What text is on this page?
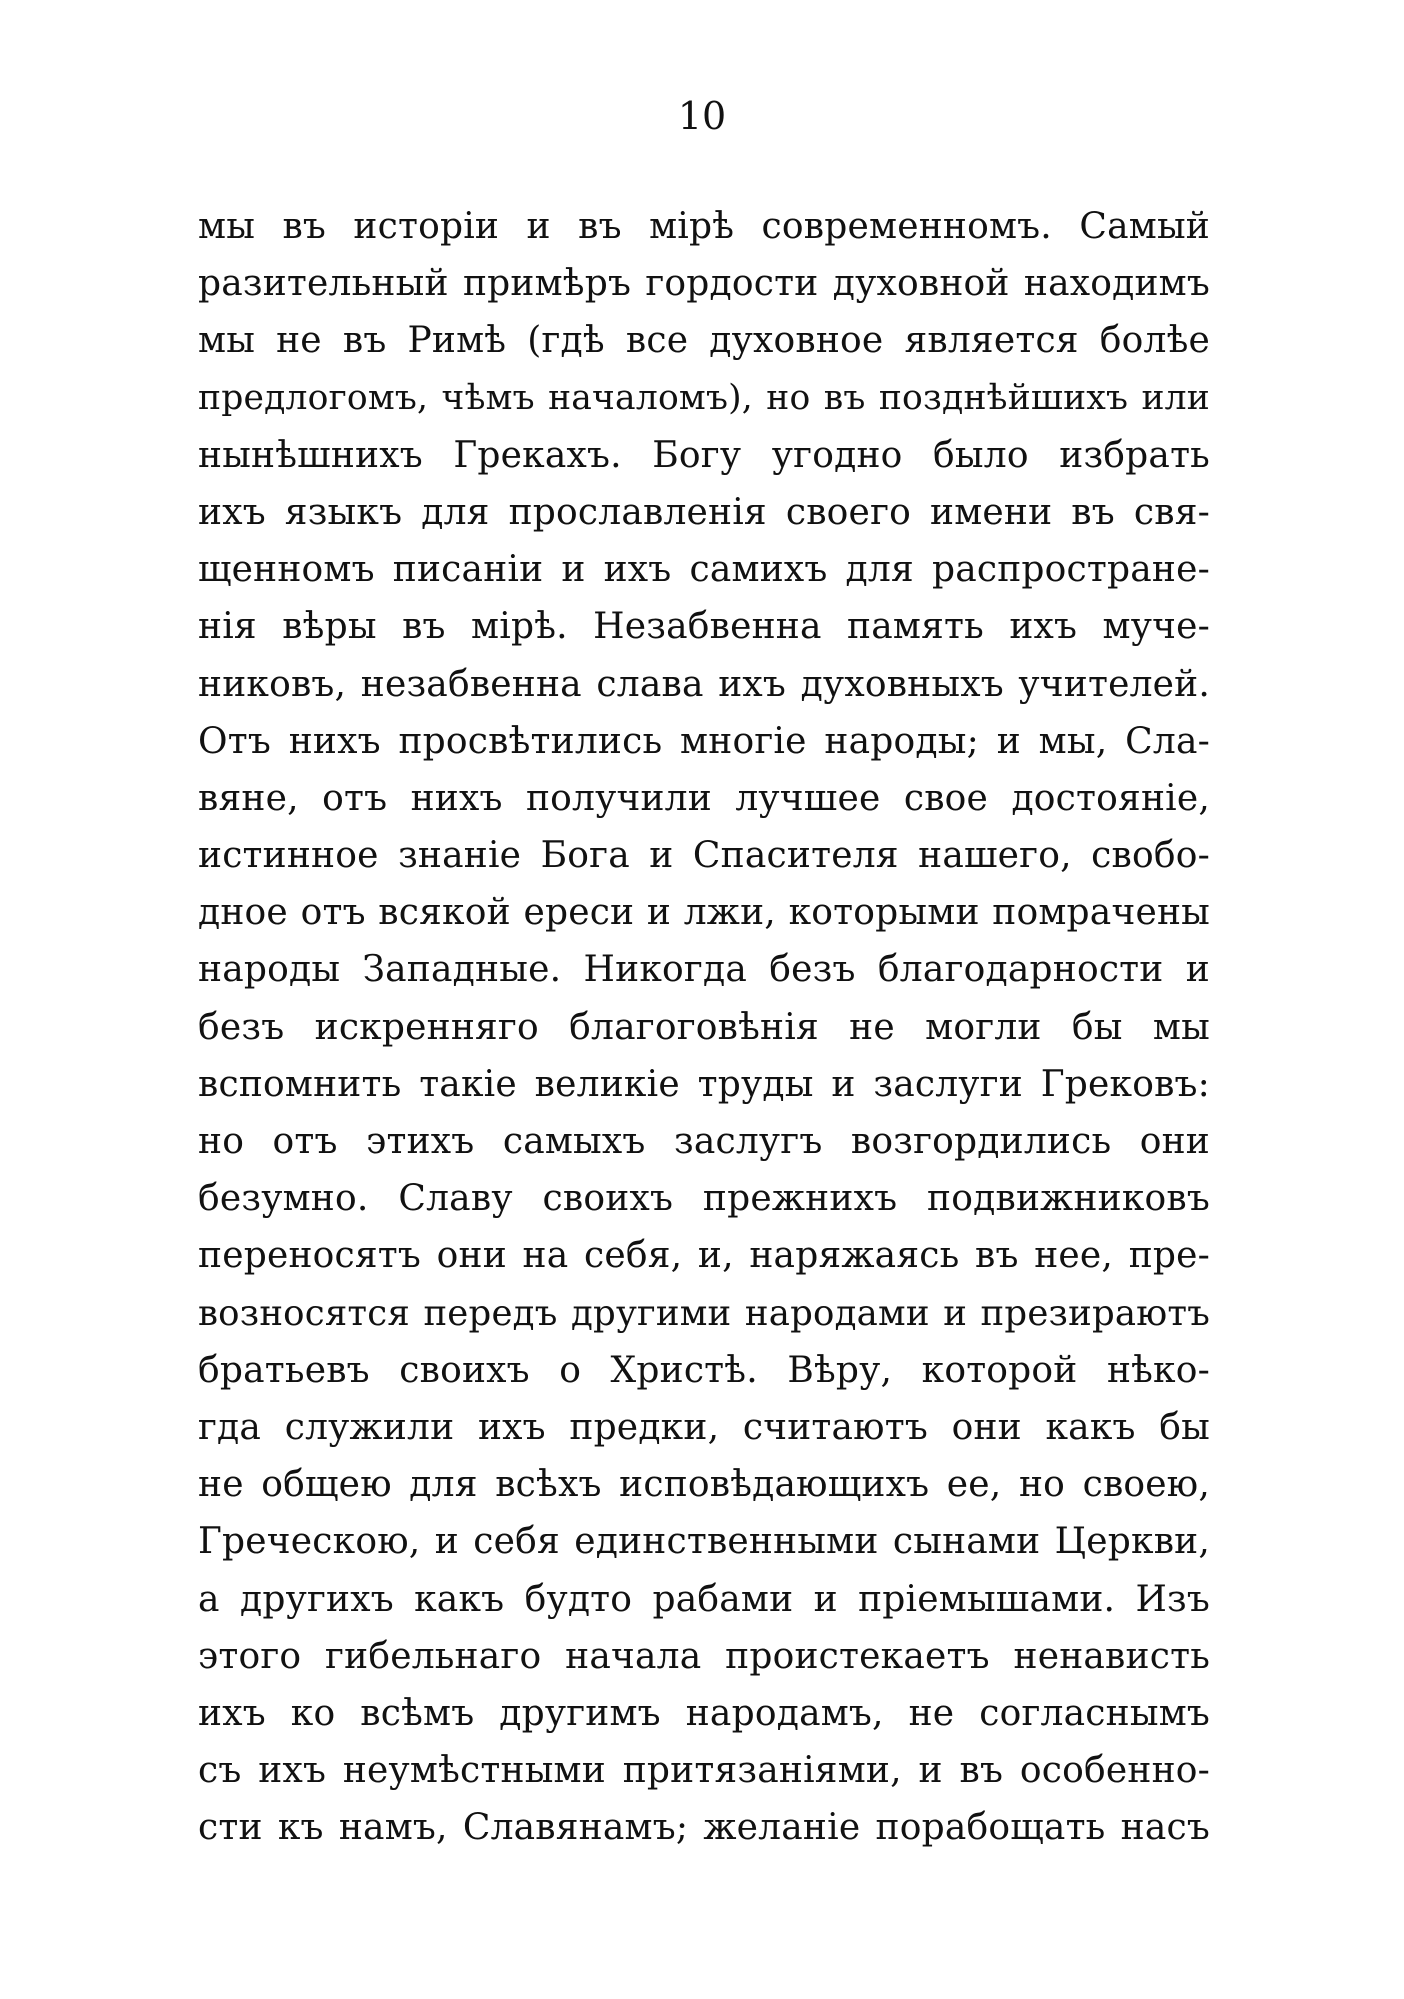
10
мы въ исторіи и въ мірѣ современномъ. Самый
разительный примѣръ гордости духовной находимъ
мы не въ Римѣ (гдѣ все духовное является болѣе
предлогомъ, чѣмъ началомъ), но въ позднѣйшихъ или
нынѣшнихъ Грекахъ. Богу угодно было избрать
ихъ языкъ для прославленія своего имени въ свя-
щенномъ писаніи и ихъ самихъ для распростране-
нія вѣры въ мірѣ. Незабвенна память ихъ муче-
никовъ, незабвенна слава ихъ духовныхъ учителей.
Отъ нихъ просвѣтились многіе народы; и мы, Сла-
вяне, отъ нихъ получили лучшее свое достояніе,
истинное знаніе Бога и Спасителя нашего, свобо-
дное отъ всякой ереси и лжи, которыми помрачены
народы Западные. Никогда безъ благодарности и
безъ искренняго благоговѣнія не могли бы мы
вспомнить такіе великіе труды и заслуги Грековъ:
но отъ этихъ самыхъ заслугъ возгордились они
безумно. Славу своихъ прежнихъ подвижниковъ
переносятъ они на себя, и, наряжаясь въ нее, пре-
возносятся передъ другими народами и презираютъ
братьевъ своихъ о Христѣ. Вѣру, которой нѣко-
гда служили ихъ предки, считаютъ они какъ бы
не общею для всѣхъ исповѣдающихъ ее, но своею,
Греческою, и себя единственными сынами Церкви,
а другихъ какъ будто рабами и пріемышами. Изъ
этого гибельнаго начала проистекаетъ ненависть
ихъ ко всѣмъ другимъ народамъ, не согласнымъ
съ ихъ неумѣстными притязаніями, и въ особенно-
сти къ намъ, Славянамъ; желаніе порабощать насъ
